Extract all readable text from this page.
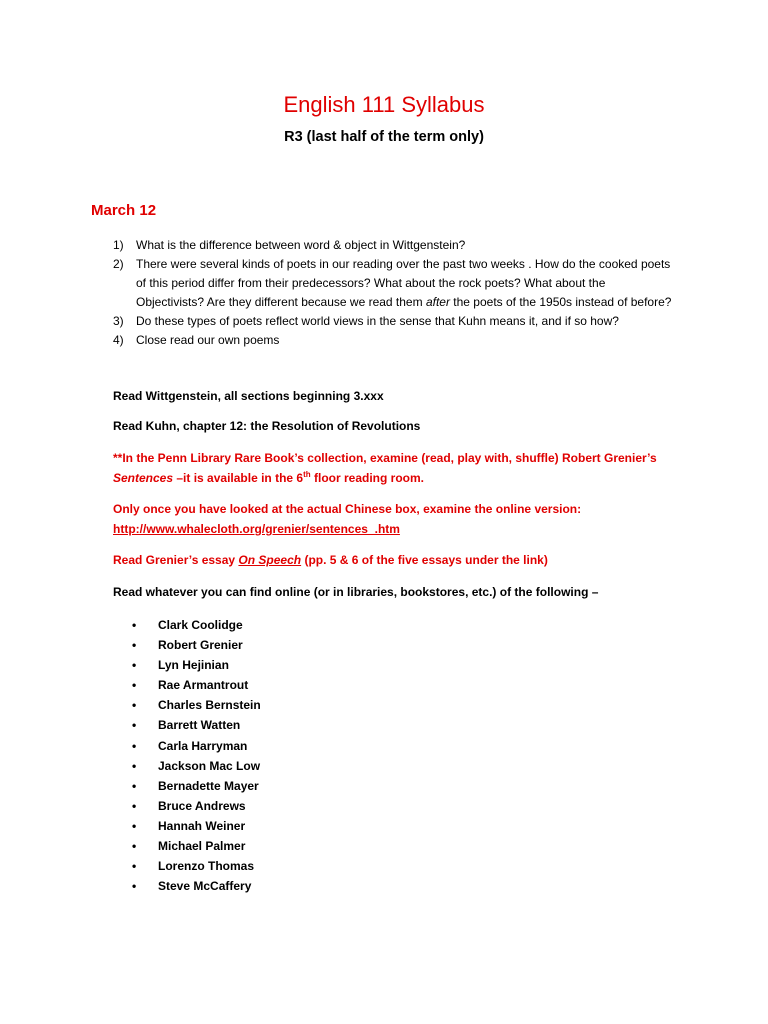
English 111 Syllabus
R3 (last half of the term only)
March 12
1) What is the difference between word & object in Wittgenstein?
2) There were several kinds of poets in our reading over the past two weeks . How do the cooked poets of this period differ from their predecessors? What about the rock poets? What about the Objectivists? Are they different because we read them after the poets of the 1950s instead of before?
3) Do these types of poets reflect world views in the sense that Kuhn means it, and if so how?
4) Close read our own poems

Read Wittgenstein, all sections beginning 3.xxx

Read Kuhn, chapter 12: the Resolution of Revolutions

**In the Penn Library Rare Book’s collection, examine (read, play with, shuffle) Robert Grenier’s Sentences –it is available in the 6th floor reading room.

Only once you have looked at the actual Chinese box, examine the online version:
http://www.whalecloth.org/grenier/sentences_.htm

Read Grenier’s essay On Speech (pp. 5 & 6 of the five essays under the link)

Read whatever you can find online (or in libraries, bookstores, etc.) of the following –

• Clark Coolidge
• Robert Grenier
• Lyn Hejinian
• Rae Armantrout
• Charles Bernstein
• Barrett Watten
• Carla Harryman
• Jackson Mac Low
• Bernadette Mayer
• Bruce Andrews
• Hannah Weiner
• Michael Palmer
• Lorenzo Thomas
• Steve McCaffery
